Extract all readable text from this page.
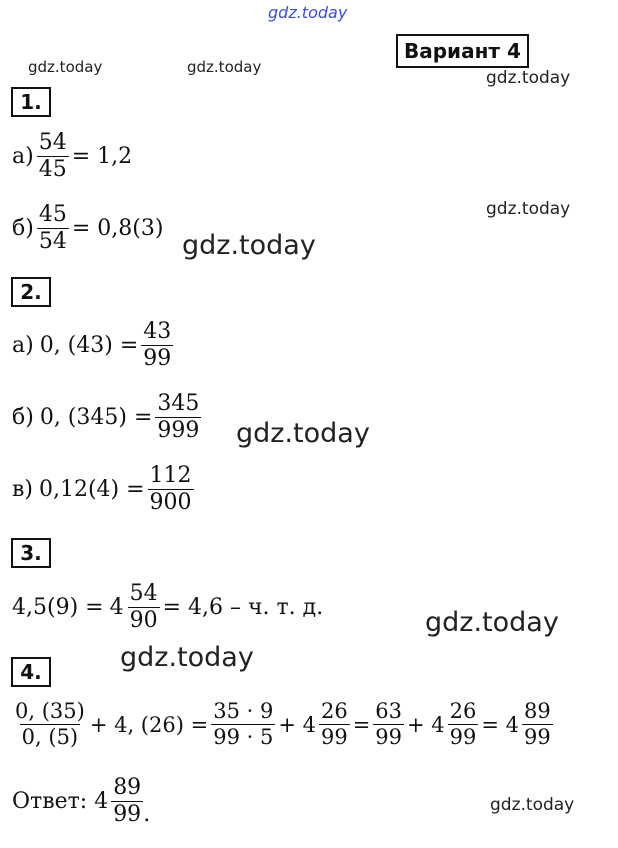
gdz.today
gdz.today	gdz.today
gdz.today
gdz.today
gdz.today
gdz.today
gdz.today
gdz.today
gdz.today
Вариант 4
1.
$а) \frac{54}{45} = 1,2$
$б) \frac{45}{54} = 0,8(3)$
2.
а) 0, $(43) = \frac{43}{99}$
б) 0, $(345) = \frac{345}{999}$
в) $0,12(4) = \frac{112}{900}$
3.
$4,5(9) = 4 \frac{54}{90} = 4,6 - ч$. т. д.
4.
$\frac{0, (35)}{0, (5)} + 4$, $(26) = \frac{35 \cdot 9}{99 \cdot 5} + 4 \frac{26}{99} = \frac{63}{99} + 4 \frac{26}{99} = 4 \frac{89}{99}$
Ответ: $4 \frac{89}{99}$ .
